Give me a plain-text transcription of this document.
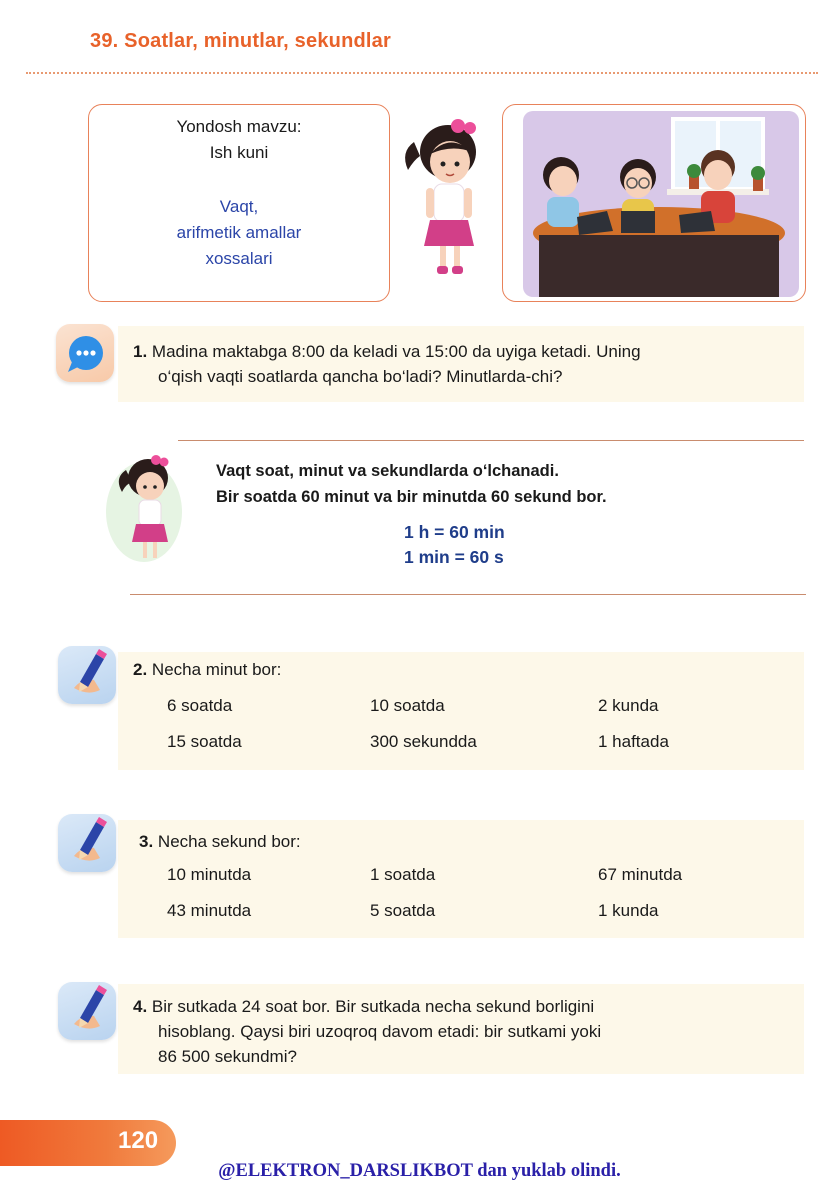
39. Soatlar, minutlar, sekundlar
Yondosh mavzu:
Ish kuni
Vaqt,
arifmetik amallar
xossalari
1. Madina maktabga 8:00 da keladi va 15:00 da uyiga ketadi. Uning
o‘qish vaqti soatlarda qancha bo‘ladi? Minutlarda-chi?
Vaqt soat, minut va sekundlarda o‘lchanadi.
Bir soatda 60 minut va bir minutda 60 sekund bor.
1 h = 60 min
1 min = 60 s
2. Necha minut bor:
6 soatda	10 soatda	2 kunda
15 soatda	300 sekundda	1 haftada
3. Necha sekund bor:
10 minutda	1 soatda	67 minutda
43 minutda	5 soatda	1 kunda
4. Bir sutkada 24 soat bor. Bir sutkada necha sekund borligini
hisoblang. Qaysi biri uzoqroq davom etadi: bir sutkami yoki
86 500 sekundmi?
120
@ELEKTRON_DARSLIKBOT dan yuklab olindi.
